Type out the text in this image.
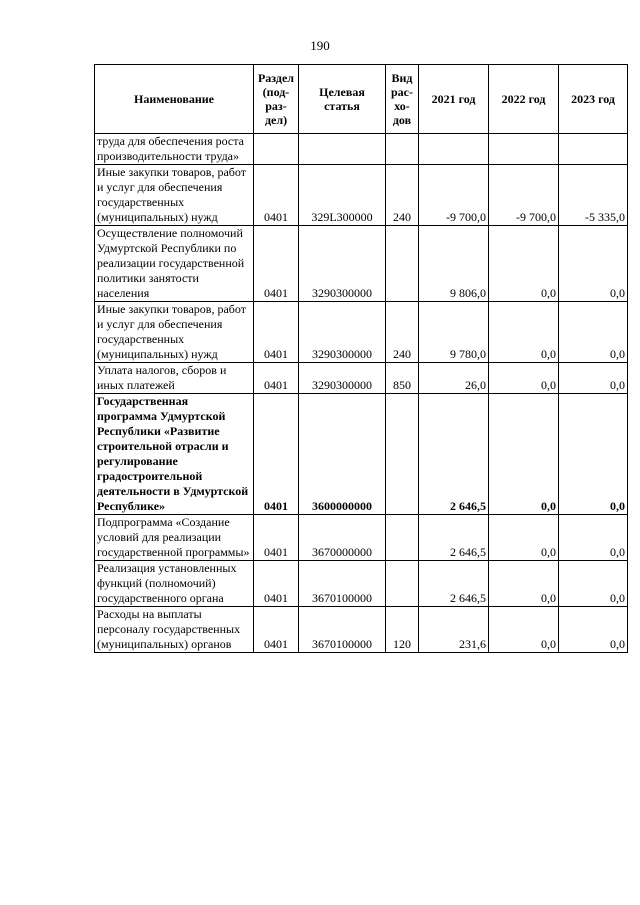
190
Наименование	Раздел (под-раз-дел)	Целевая статья	Вид рас-хо-дов	2021 год	2022 год	2023 год
труда для обеспечения роста производительности труда»						
Иные закупки товаров, работ и услуг для обеспечения государственных (муниципальных) нужд	0401	329L300000	240	-9 700,0	-9 700,0	-5 335,0
Осуществление полномочий Удмуртской Республики по реализации государственной политики занятости населения	0401	3290300000		9 806,0	0,0	0,0
Иные закупки товаров, работ и услуг для обеспечения государственных (муниципальных) нужд	0401	3290300000	240	9 780,0	0,0	0,0
Уплата налогов, сборов и иных платежей	0401	3290300000	850	26,0	0,0	0,0
Государственная программа Удмуртской Республики «Развитие строительной отрасли и регулирование градостроительной деятельности в Удмуртской Республике»	0401	3600000000		2 646,5	0,0	0,0
Подпрограмма «Создание условий для реализации государственной программы»	0401	3670000000		2 646,5	0,0	0,0
Реализация установленных функций (полномочий) государственного органа	0401	3670100000		2 646,5	0,0	0,0
Расходы на выплаты персоналу государственных (муниципальных) органов	0401	3670100000	120	231,6	0,0	0,0
